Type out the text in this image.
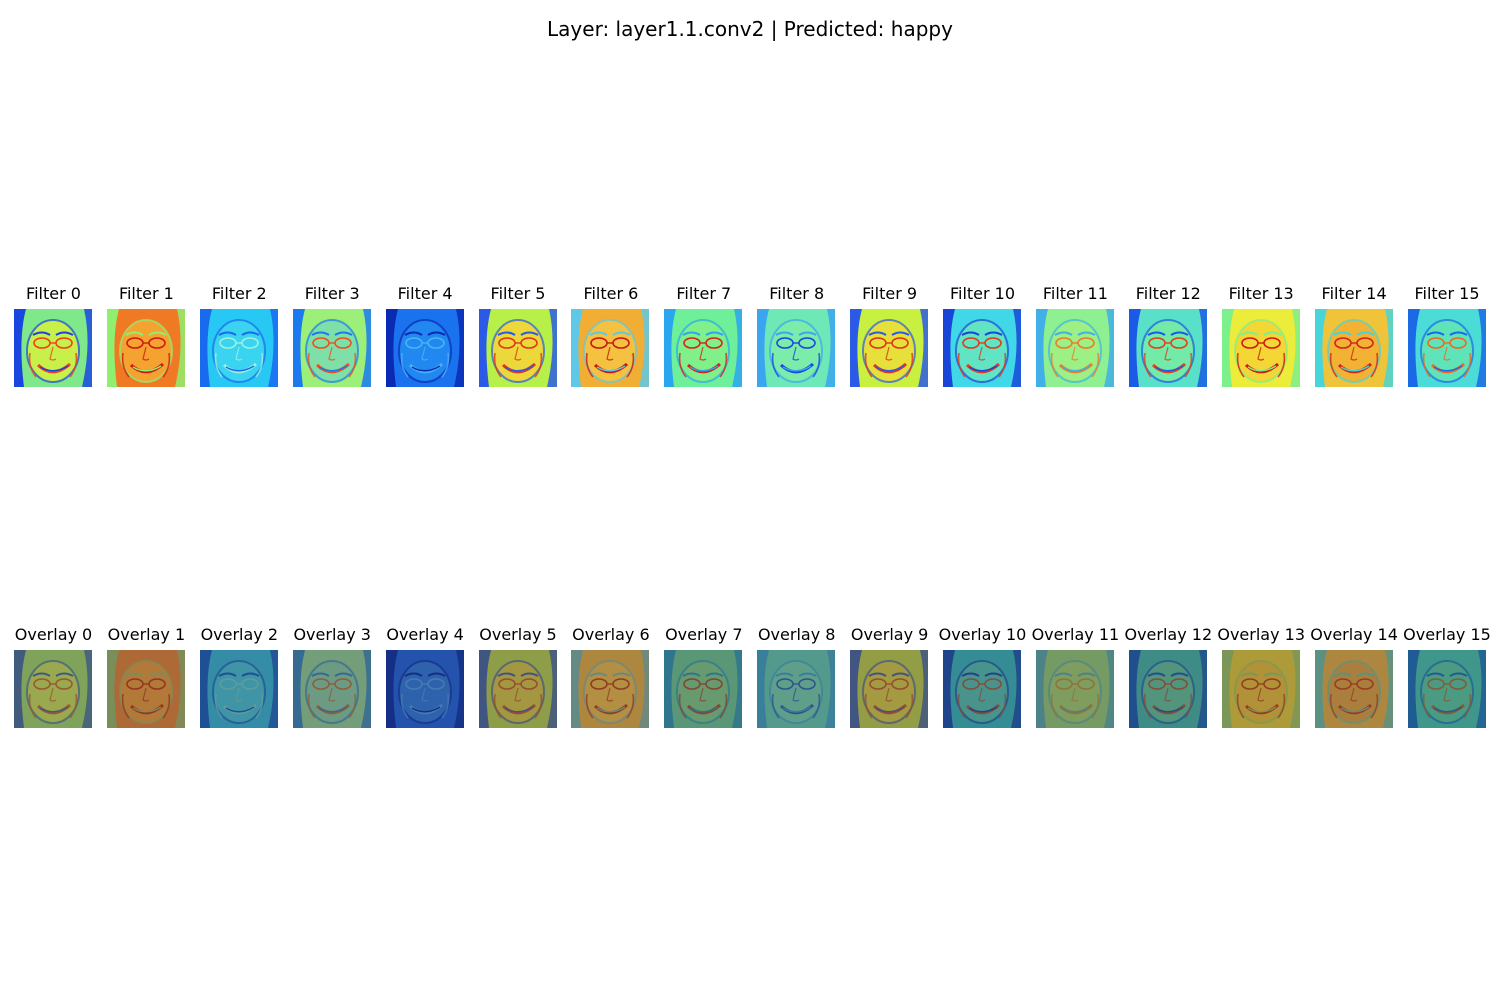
Layer: layer1.1.conv2 | Predicted: happy
Filter 0	Filter 1	Filter 2	Filter 3	Filter 4	Filter 5	Filter 6	Filter 7	Filter 8	Filter 9	Filter 10	Filter 11	Filter 12	Filter 13	Filter 14	Filter 15
Overlay 0 Overlay 1 Overlay 2 Overlay 3 Overlay 4 Overlay 5 Overlay 6 Overlay 7 Overlay 8 Overlay 9 Overlay 10 Overlay 11 Overlay 12 Overlay 13 Overlay 14 Overlay 15
